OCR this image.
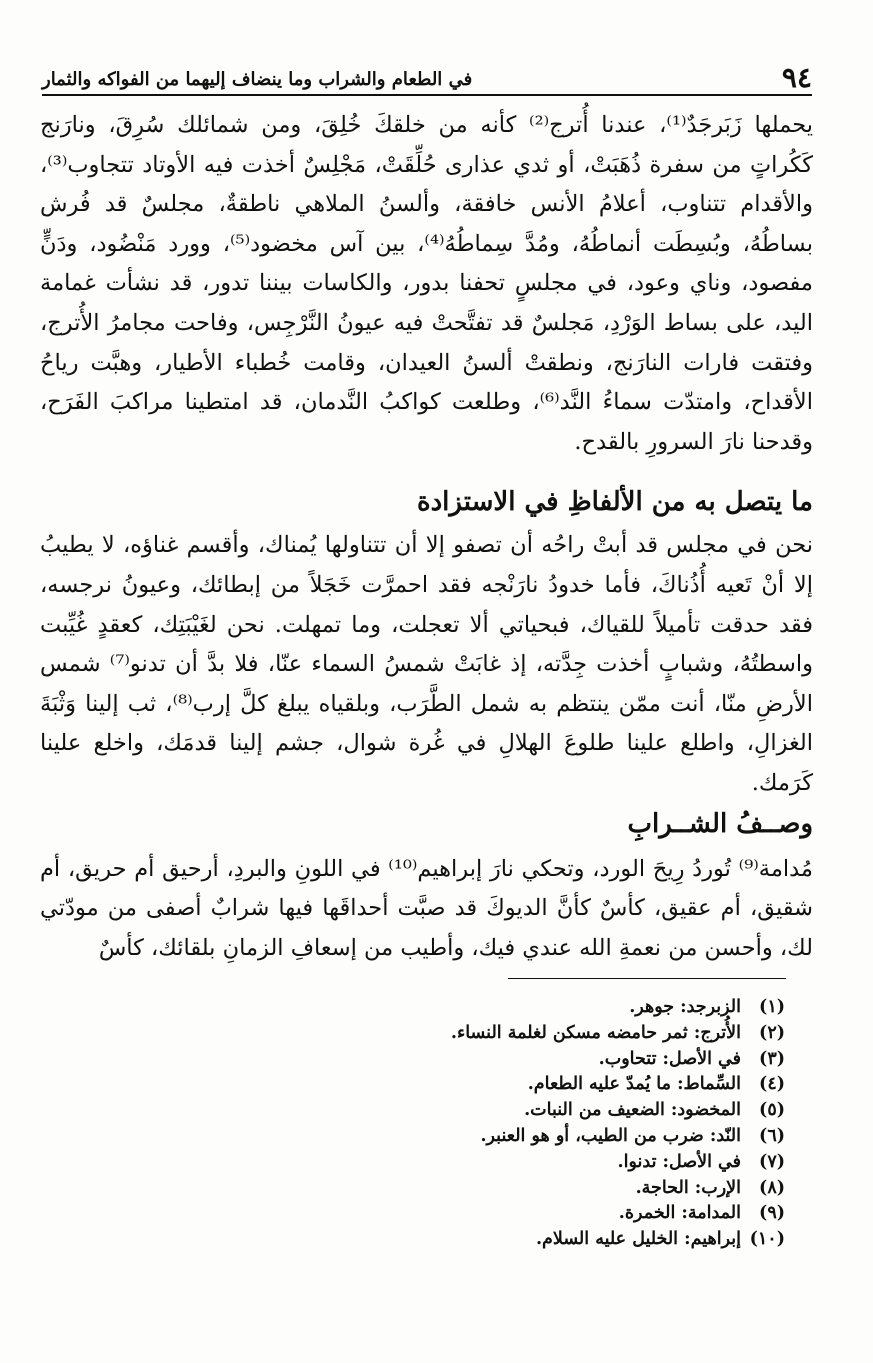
٩٤
في الطعام والشراب وما ينضاف إليهما من الفواكه والثمار

يحملها زَبَرجَدٌ⁽¹⁾، عندنا أُترج⁽²⁾ كأنه من خلقكَ خُلِقَ، ومن شمائلك سُرِقَ، ونارَنج كَكُراتٍ من سفرة ذُهَبَتْ، أو ثدي عذارى حُلِّقَتْ، مَجْلِسٌ أخذت فيه الأوتاد تتجاوب⁽³⁾، والأقدام تتناوب، أعلامُ الأنس خافقة، وألسنُ الملاهي ناطقةٌ، مجلسٌ قد فُرش بساطُهُ، وبُسِطَت أنماطُهُ، ومُدَّ سِماطُهُ⁽⁴⁾، بين آس مخضود⁽⁵⁾، وورد مَنْضُود، ودَنٍّ مفصود، وناي وعود، في مجلسٍ تحفنا بدور، والكاسات بيننا تدور، قد نشأت غمامة اليد، على بساط الوَرْدِ، مَجلسٌ قد تفتَّحتْ فيه عيونُ النَّرْجِس، وفاحت مجامرُ الأُترج، وفتقت فارات النارَنج، ونطقتْ ألسنُ العيدان، وقامت خُطباء الأطيار، وهبَّت رياحُ الأقداح، وامتدّت سماءُ النَّد⁽⁶⁾، وطلعت كواكبُ النَّدمان، قد امتطينا مراكبَ الفَرَح، وقدحنا نارَ السرورِ بالقدح.

ما يتصل به من الألفاظِ في الاستزادة

نحن في مجلس قد أبتْ راحُه أن تصفو إلا أن تتناولها يُمناك، وأقسم غناؤه، لا يطيبُ إلا أنْ تَعيه أُذُناكَ، فأما خدودُ نارَنْجه فقد احمرَّت خَجَلاً من إبطائك، وعيونُ نرجسه، فقد حدقت تأميلاً للقياك، فبحياتي ألا تعجلت، وما تمهلت. نحن لغَيْبَتِك، كعقدٍ غُيِّبت واسطتُهُ، وشبابٍ أخذت جِدَّته، إذ غابَتْ شمسُ السماء عنّا، فلا بدَّ أن تدنو⁽⁷⁾ شمس الأرضِ منّا، أنت ممّن ينتظم به شمل الطَّرَب، وبلقياه يبلغ كلَّ إرب⁽⁸⁾، ثب إلينا وَثْبَةَ الغزالِ، واطلع علينا طلوعَ الهلالِ في غُرة شوال، جشم إلينا قدمَك، واخلع علينا كَرَمك.

وصــفُ الشــرابِ

مُدامة⁽⁹⁾ تُوردُ رِيحَ الورد، وتحكي نارَ إبراهيم⁽¹⁰⁾ في اللونِ والبردِ، أرحيق أم حريق، أم شقيق، أم عقيق، كأسٌ كأنَّ الديوكَ قد صبَّت أحداقَها فيها شرابٌ أصفى من مودّتي لك، وأحسن من نعمةِ الله عندي فيك، وأطيب من إسعافِ الزمانِ بلقائك، كأسٌ

(١)
الزبرجد: جوهر.
(٢)
الأُترج: ثمر حامضه مسكن لغلمة النساء.
(٣)
في الأصل: تتحاوب.
(٤)
السِّماط: ما يُمدّ عليه الطعام.
(٥)
المخضود: الضعيف من النبات.
(٦)
النّد: ضرب من الطيب، أو هو العنبر.
(٧)
في الأصل: تدنوا.
(٨)
الإرب: الحاجة.
(٩)
المدامة: الخمرة.
(١٠)
إبراهيم: الخليل عليه السلام.
